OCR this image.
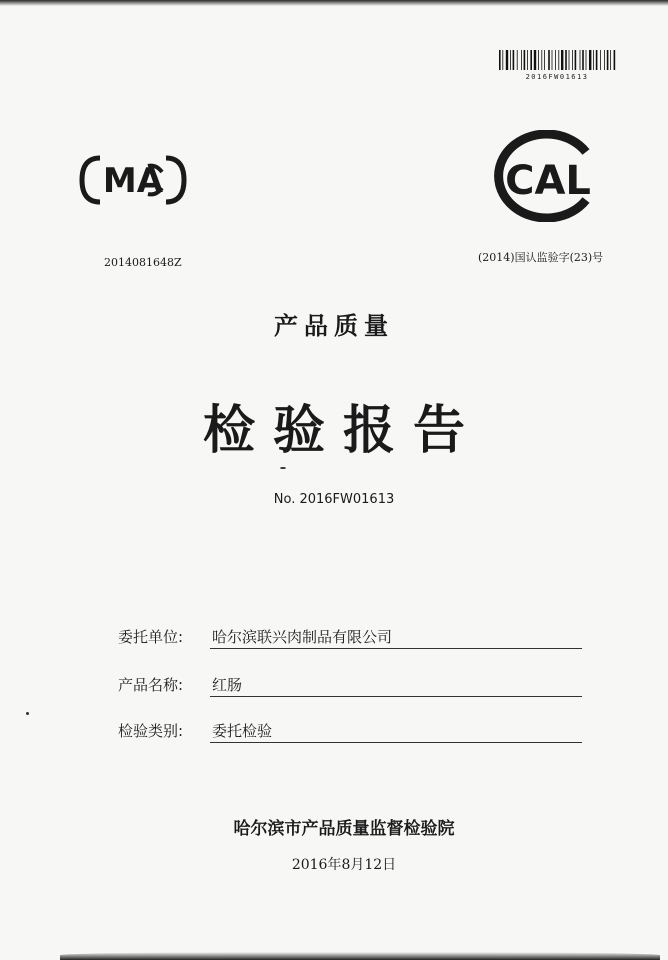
2016FW01613
MA	CAL
2014081648Z	(2014)国认监验字(23)号
产品质量
检验报告
No. 2016FW01613
委托单位: 哈尔滨联兴肉制品有限公司
产品名称: 红肠
检验类别: 委托检验
哈尔滨市产品质量监督检验院
2016年8月12日
